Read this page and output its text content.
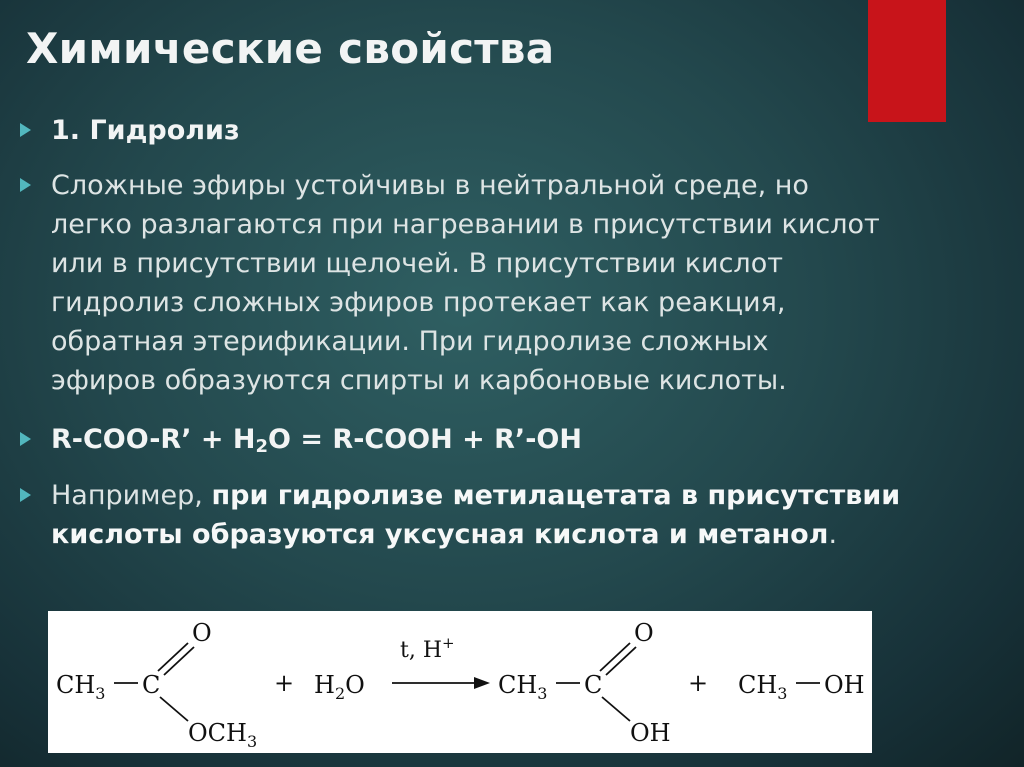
Химические свойства
1. Гидролиз
Сложные эфиры устойчивы в нейтральной среде, но
легко разлагаются при нагревании в присутствии кислот
или в присутствии щелочей. В присутствии кислот
гидролиз сложных эфиров протекает как реакция,
обратная этерификации. При гидролизе сложных
эфиров образуются спирты и карбоновые кислоты.
R-COO-R’ + $H_2O$ = R-COOH + R’-OH
Например, при гидролизе метилацетата в присутствии кислоты образуются уксусная кислота и метанол.
$CH_3$ C
O
$OCH_3$
+ $H_2O$
t, H+
$CH_3$ C
O
OH
+ $CH_3$ OH
